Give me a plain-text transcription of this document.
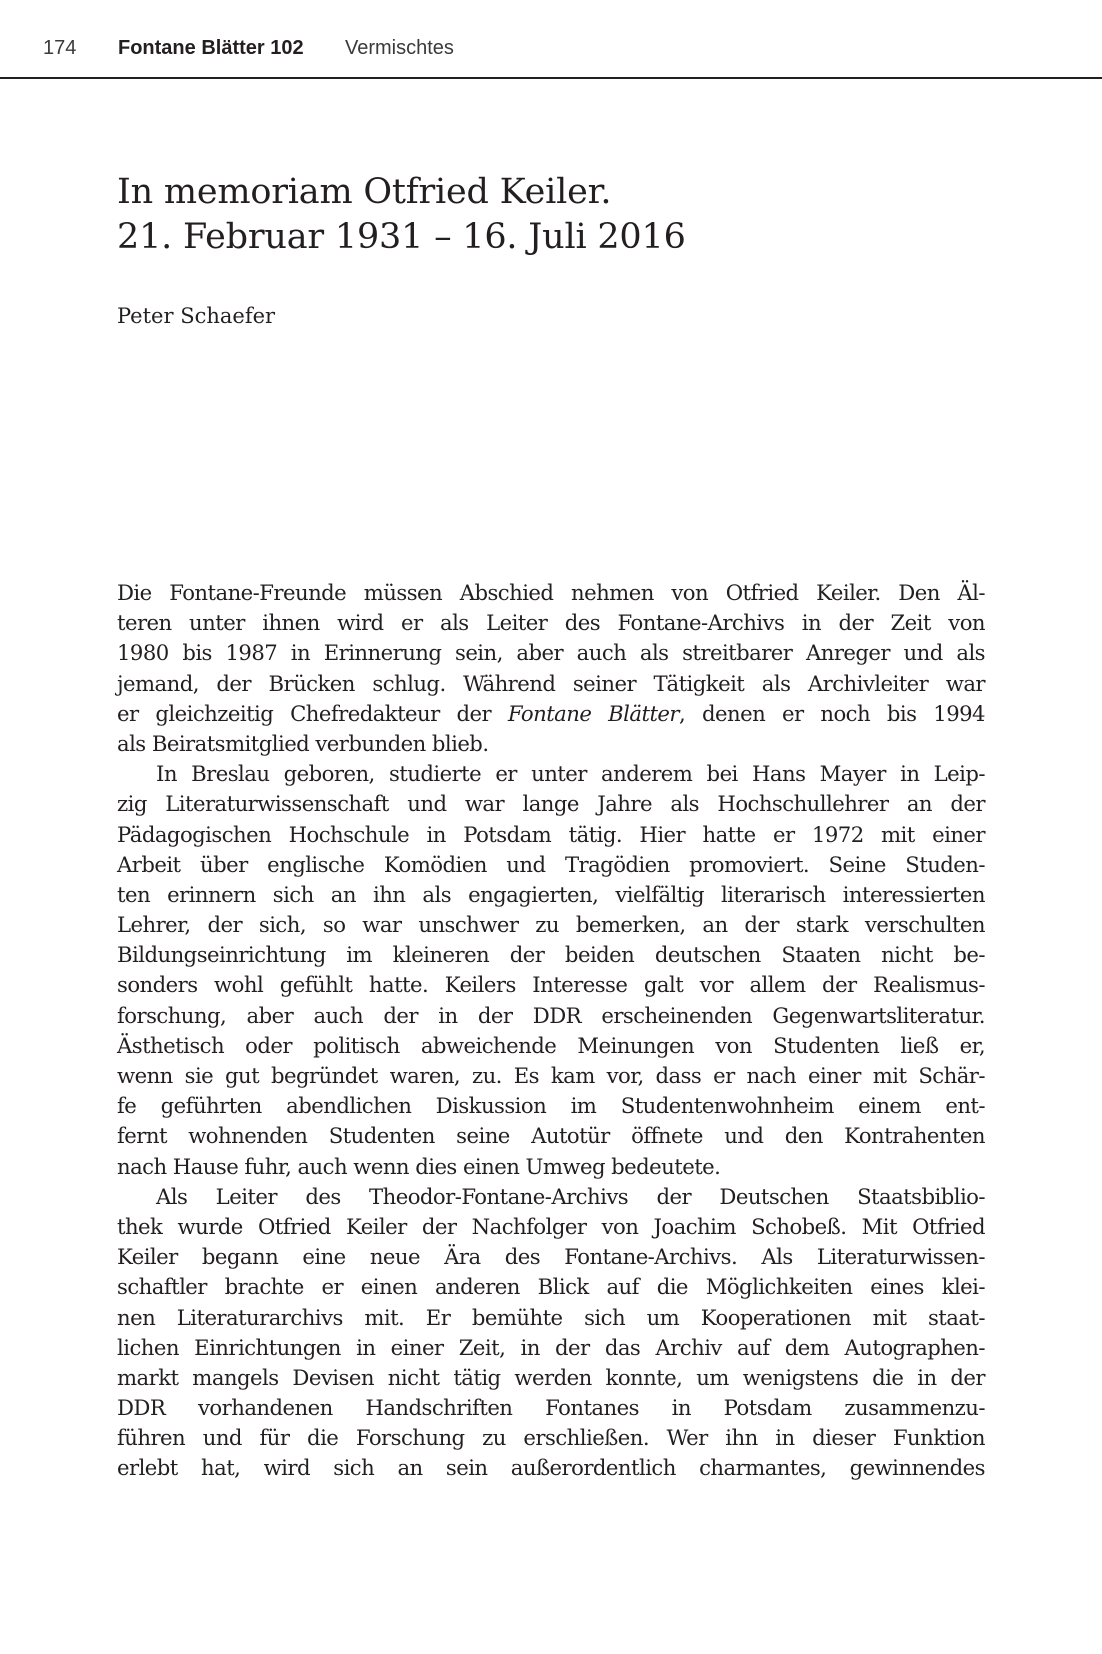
174 Fontane Blätter 102 Vermischtes
In memoriam Otfried Keiler.
21. Februar 1931 – 16. Juli 2016
Peter Schaefer
Die Fontane-Freunde müssen Abschied nehmen von Otfried Keiler. Den Äl-
teren unter ihnen wird er als Leiter des Fontane-Archivs in der Zeit von
1980 bis 1987 in Erinnerung sein, aber auch als streitbarer Anreger und als
jemand, der Brücken schlug. Während seiner Tätigkeit als Archivleiter war
er gleichzeitig Chefredakteur der Fontane Blätter, denen er noch bis 1994
als Beiratsmitglied verbunden blieb.
In Breslau geboren, studierte er unter anderem bei Hans Mayer in Leip-
zig Literaturwissenschaft und war lange Jahre als Hochschullehrer an der
Pädagogischen Hochschule in Potsdam tätig. Hier hatte er 1972 mit einer
Arbeit über englische Komödien und Tragödien promoviert. Seine Studen-
ten erinnern sich an ihn als engagierten, vielfältig literarisch interessierten
Lehrer, der sich, so war unschwer zu bemerken, an der stark verschulten
Bildungseinrichtung im kleineren der beiden deutschen Staaten nicht be-
sonders wohl gefühlt hatte. Keilers Interesse galt vor allem der Realismus-
forschung, aber auch der in der DDR erscheinenden Gegenwartsliteratur.
Ästhetisch oder politisch abweichende Meinungen von Studenten ließ er,
wenn sie gut begründet waren, zu. Es kam vor, dass er nach einer mit Schär-
fe geführten abendlichen Diskussion im Studentenwohnheim einem ent-
fernt wohnenden Studenten seine Autotür öffnete und den Kontrahenten
nach Hause fuhr, auch wenn dies einen Umweg bedeutete.
Als Leiter des Theodor-Fontane-Archivs der Deutschen Staatsbiblio-
thek wurde Otfried Keiler der Nachfolger von Joachim Schobeß. Mit Otfried
Keiler begann eine neue Ära des Fontane-Archivs. Als Literaturwissen-
schaftler brachte er einen anderen Blick auf die Möglichkeiten eines klei-
nen Literaturarchivs mit. Er bemühte sich um Kooperationen mit staat-
lichen Einrichtungen in einer Zeit, in der das Archiv auf dem Autographen-
markt mangels Devisen nicht tätig werden konnte, um wenigstens die in der
DDR vorhandenen Handschriften Fontanes in Potsdam zusammenzu-
führen und für die Forschung zu erschließen. Wer ihn in dieser Funktion
erlebt hat, wird sich an sein außerordentlich charmantes, gewinnendes
